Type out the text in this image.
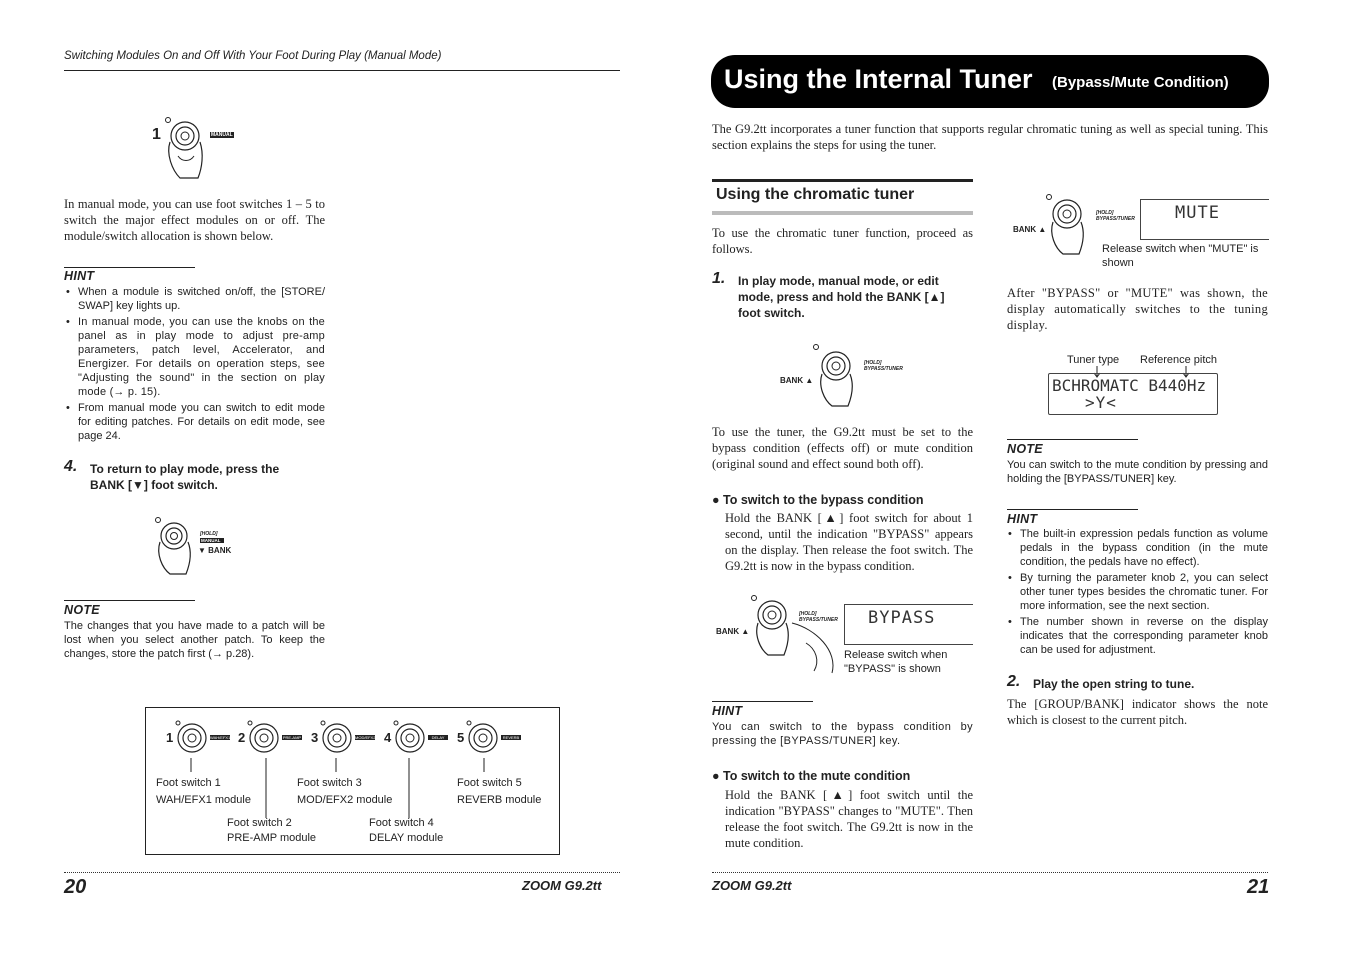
Switching Modules On and Off With Your Foot During Play (Manual Mode)
1	MANUAL
In manual mode, you can use foot switches 1 – 5 to switch the major effect modules on or off. The module/switch allocation is shown below.
HINT
• When a module is switched on/off, the [STORE/ SWAP] key lights up.
• In manual mode, you can use the knobs on the panel as in play mode to adjust pre-amp parameters, patch level, Accelerator, and Energizer. For details on operation steps, see "Adjusting the sound" in the section on play mode (→ p. 15).
• From manual mode you can switch to edit mode for editing patches. For details on edit mode, see page 24.
4. To return to play mode, press the BANK [▼] foot switch.
[HOLD]
MANUAL
▼ BANK
NOTE
The changes that you have made to a patch will be lost when you select another patch. To keep the changes, store the patch first (→ p.28).
1	WAH/EFX1 2	PRE-AMP 3	MOD/EFX2 4	DELAY 5	REVERB
Foot switch 1
WAH/EFX1 module
Foot switch 2
PRE-AMP module
Foot switch 3
MOD/EFX2 module
Foot switch 4
DELAY module
Foot switch 5
REVERB module
20	ZOOM G9.2tt
Using the Internal Tuner (Bypass/Mute Condition)
The G9.2tt incorporates a tuner function that supports regular chromatic tuning as well as special tuning. This section explains the steps for using the tuner.
Using the chromatic tuner
To use the chromatic tuner function, proceed as follows.
1. In play mode, manual mode, or edit mode, press and hold the BANK [▲] foot switch.
[HOLD]
BYPASS/TUNER
BANK ▲
To use the tuner, the G9.2tt must be set to the bypass condition (effects off) or mute condition (original sound and effect sound both off).
● To switch to the bypass condition
Hold the BANK [▲] foot switch for about 1 second, until the indication "BYPASS" appears on the display. Then release the foot switch. The G9.2tt is now in the bypass condition.
[HOLD]
BYPASS/TUNER
BANK ▲
BYPASS
Release switch when "BYPASS" is shown
HINT
You can switch to the bypass condition by pressing the [BYPASS/TUNER] key.
● To switch to the mute condition
Hold the BANK [▲] foot switch until the indication "BYPASS" changes to "MUTE". Then release the foot switch. The G9.2tt is now in the mute condition.
[HOLD]
BYPASS/TUNER
BANK ▲
MUTE
Release switch when "MUTE" is shown
After "BYPASS" or "MUTE" was shown, the display automatically switches to the tuning display.
Tuner type Reference pitch
BCHROMATC B440Hz
>Y<
NOTE
You can switch to the mute condition by pressing and holding the [BYPASS/TUNER] key.
HINT
• The built-in expression pedals function as volume pedals in the bypass condition (in the mute condition, the pedals have no effect).
• By turning the parameter knob 2, you can select other tuner types besides the chromatic tuner. For more information, see the next section.
• The number shown in reverse on the display indicates that the corresponding parameter knob can be used for adjustment.
2. Play the open string to tune.
The [GROUP/BANK] indicator shows the note which is closest to the current pitch.
ZOOM G9.2tt	21
